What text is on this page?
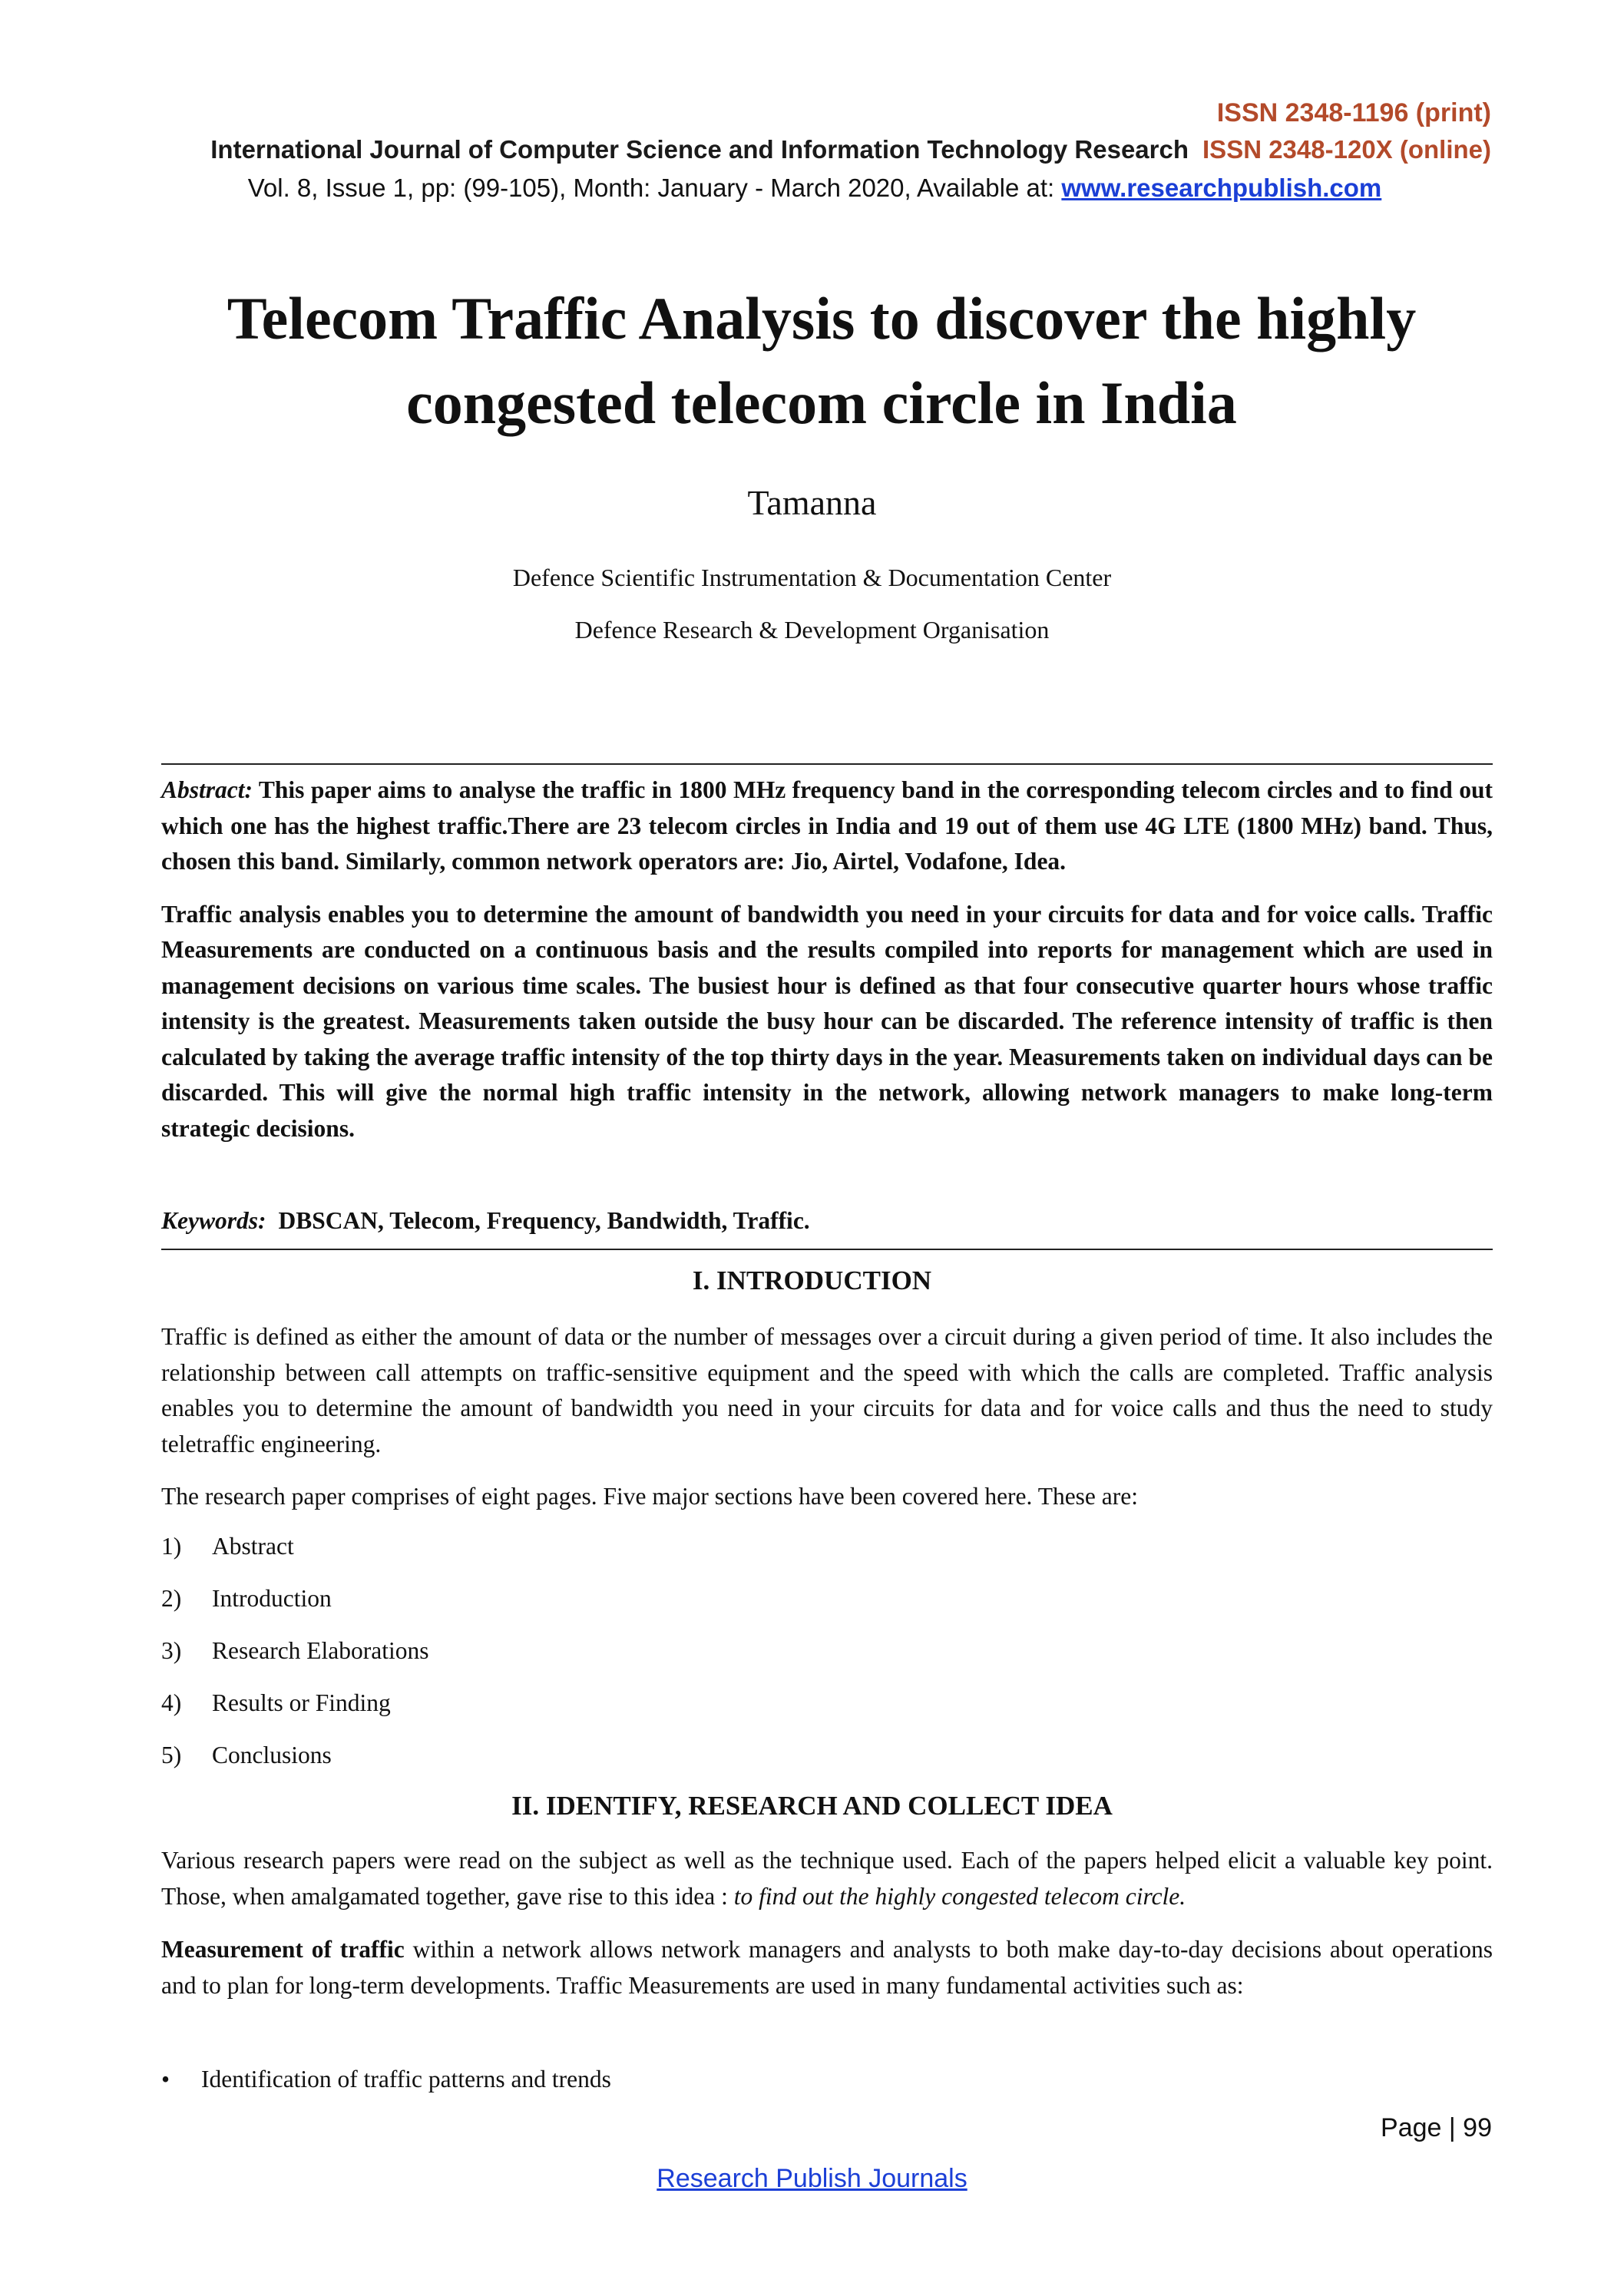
ISSN 2348-1196 (print)
International Journal of Computer Science and Information Technology Research ISSN 2348-120X (online)
Vol. 8, Issue 1, pp: (99-105), Month: January - March 2020, Available at: www.researchpublish.com
Telecom Traffic Analysis to discover the highly
congested telecom circle in India
Tamanna
Defence Scientific Instrumentation & Documentation Center
Defence Research & Development Organisation

Abstract: This paper aims to analyse the traffic in 1800 MHz frequency band in the corresponding telecom circles and to find out which one has the highest traffic.There are 23 telecom circles in India and 19 out of them use 4G LTE (1800 MHz) band. Thus, chosen this band. Similarly, common network operators are: Jio, Airtel, Vodafone, Idea.

Traffic analysis enables you to determine the amount of bandwidth you need in your circuits for data and for voice calls. Traffic Measurements are conducted on a continuous basis and the results compiled into reports for management which are used in management decisions on various time scales. The busiest hour is defined as that four consecutive quarter hours whose traffic intensity is the greatest. Measurements taken outside the busy hour can be discarded. The reference intensity of traffic is then calculated by taking the average traffic intensity of the top thirty days in the year. Measurements taken on individual days can be discarded. This will give the normal high traffic intensity in the network, allowing network managers to make long-term strategic decisions.

Keywords: DBSCAN, Telecom, Frequency, Bandwidth, Traffic.
I. INTRODUCTION

Traffic is defined as either the amount of data or the number of messages over a circuit during a given period of time. It also includes the relationship between call attempts on traffic-sensitive equipment and the speed with which the calls are completed. Traffic analysis enables you to determine the amount of bandwidth you need in your circuits for data and for voice calls and thus the need to study teletraffic engineering.

The research paper comprises of eight pages. Five major sections have been covered here. These are:

1) Abstract
2) Introduction
3) Research Elaborations
4) Results or Finding
5) Conclusions
II. IDENTIFY, RESEARCH AND COLLECT IDEA

Various research papers were read on the subject as well as the technique used. Each of the papers helped elicit a valuable key point. Those, when amalgamated together, gave rise to this idea : to find out the highly congested telecom circle.

Measurement of traffic within a network allows network managers and analysts to both make day-to-day decisions about operations and to plan for long-term developments. Traffic Measurements are used in many fundamental activities such as:

• Identification of traffic patterns and trends
Page | 99
Research Publish Journals
